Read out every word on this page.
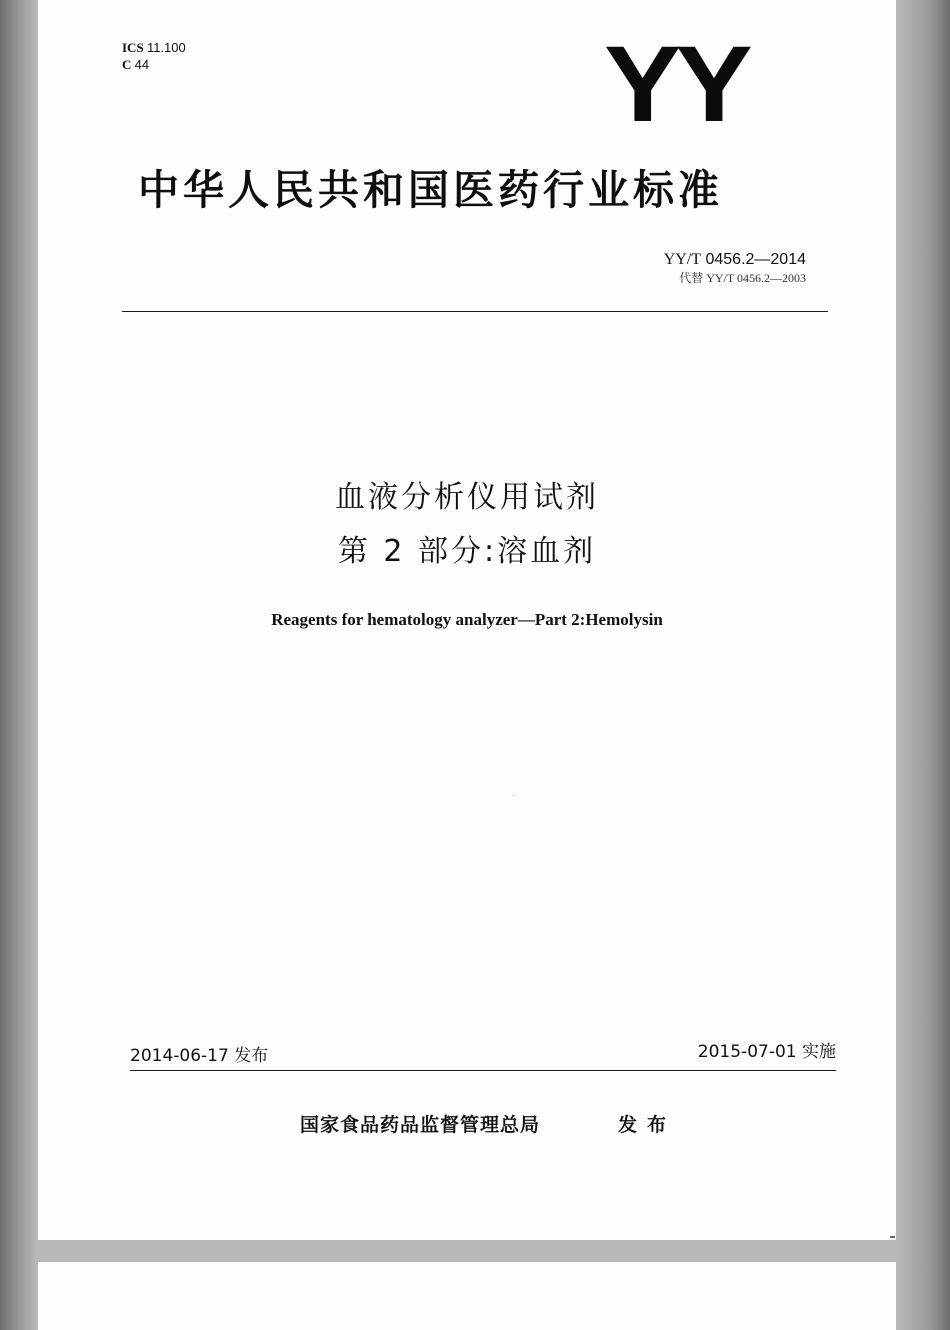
ICS 11.100
C 44	YY
中华人民共和国医药行业标准
YY/T 0456.2—2014
代替 YY/T 0456.2—2003
血液分析仪用试剂
第 2 部分:溶血剂
Reagents for hematology analyzer—Part 2:Hemolysin
2014-06-17 发布	2015-07-01 实施
国家食品药品监督管理总局	发布
